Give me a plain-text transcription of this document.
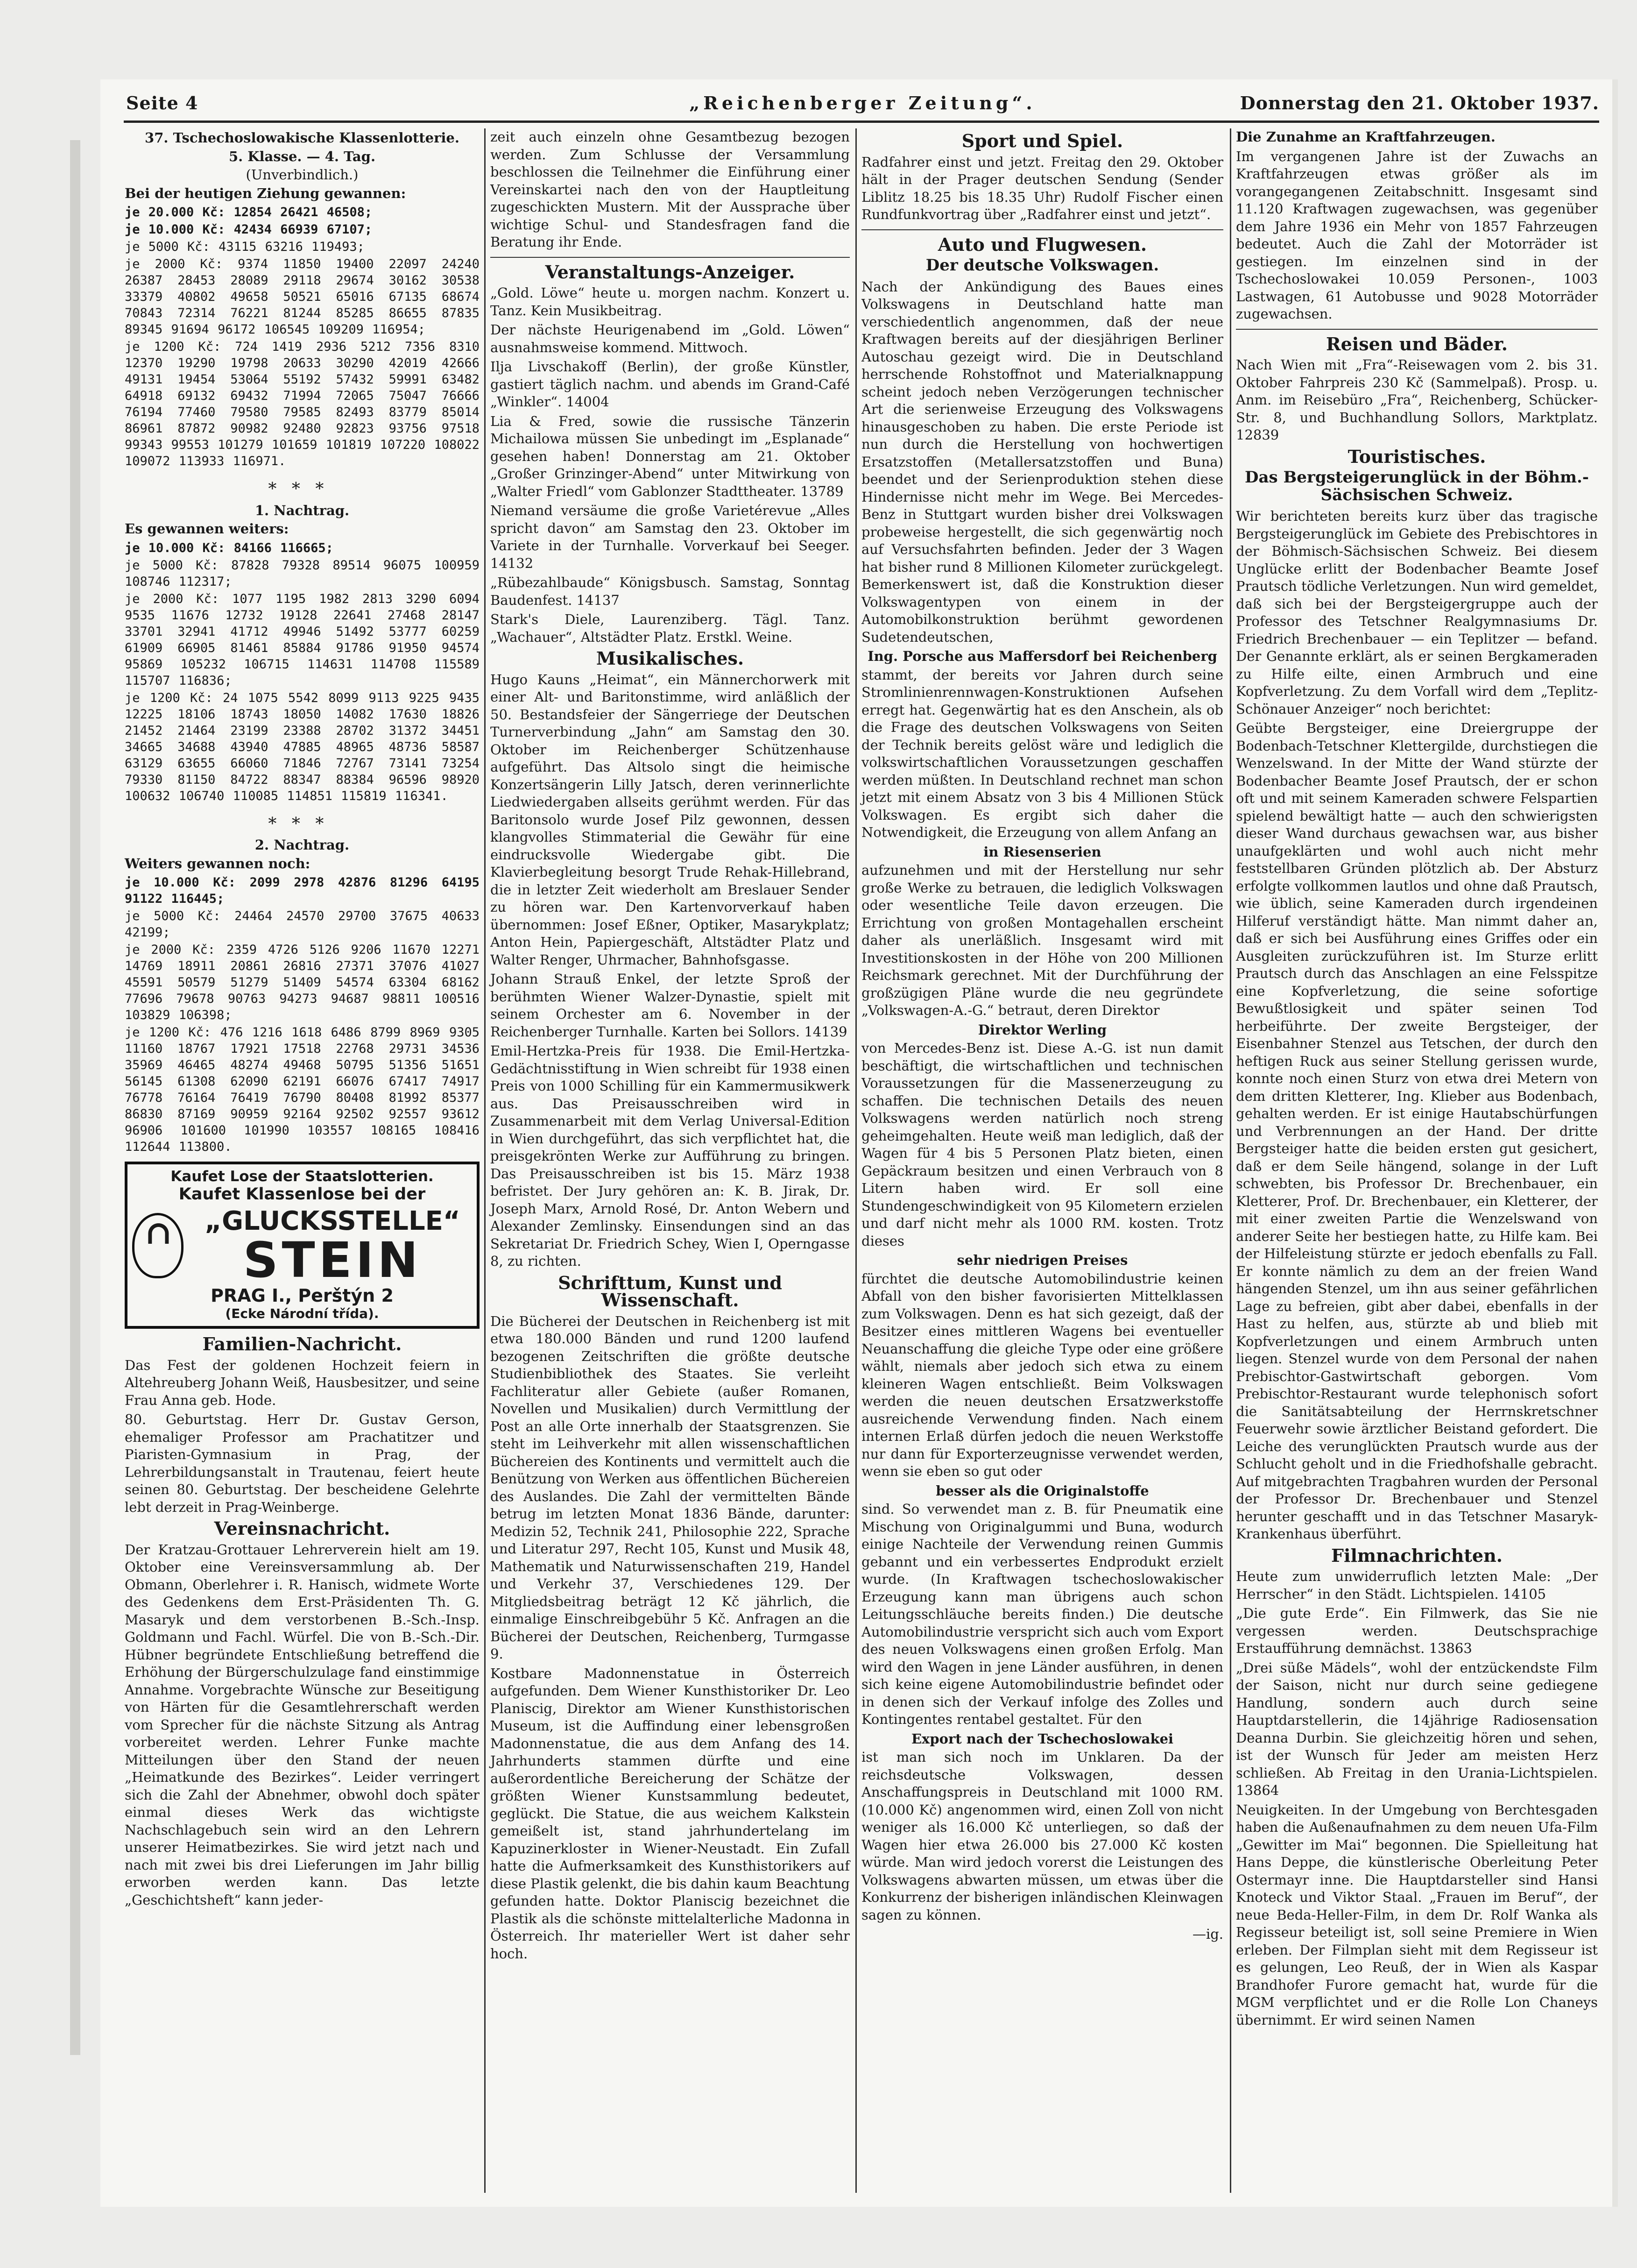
Seite 4	„Reichenberger Zeitung“.	Donnerstag den 21. Oktober 1937.

37. Tschechoslowakische Klassenlotterie.

5. Klasse. — 4. Tag.

(Unverbindlich.)

Bei der heutigen Ziehung gewannen:

je 20.000 Kč: 12854 26421 46508;

je 10.000 Kč: 42434 66939 67107;

je 5000 Kč: 43115 63216 119493;

je 2000 Kč: 9374 11850 19400 22097 24240 26387 28453 28089 29118 29674 30162 30538 33379 40802 49658 50521 65016 67135 68674 70843 72314 76221 81244 85285 86655 87835 89345 91694 96172 106545 109209 116954;

je 1200 Kč: 724 1419 2936 5212 7356 8310 12370 19290 19798 20633 30290 42019 42666 49131 19454 53064 55192 57432 59991 63482 64918 69132 69432 71994 72065 75047 76666 76194 77460 79580 79585 82493 83779 85014 86961 87872 90982 92480 92823 93756 97518 99343 99553 101279 101659 101819 107220 108022 109072 113933 116971.

∗∗∗

1. Nachtrag.

Es gewannen weiters:

je 10.000 Kč: 84166 116665;

je 5000 Kč: 87828 79328 89514 96075 100959 108746 112317;

je 2000 Kč: 1077 1195 1982 2813 3290 6094 9535 11676 12732 19128 22641 27468 28147 33701 32941 41712 49946 51492 53777 60259 61909 66905 81461 85884 91786 91950 94574 95869 105232 106715 114631 114708 115589 115707 116836;

je 1200 Kč: 24 1075 5542 8099 9113 9225 9435 12225 18106 18743 18050 14082 17630 18826 21452 21464 23199 23388 28702 31372 34451 34665 34688 43940 47885 48965 48736 58587 63129 63655 66060 71846 72767 73141 73254 79330 81150 84722 88347 88384 96596 98920 100632 106740 110085 114851 115819 116341.

∗∗∗

2. Nachtrag.

Weiters gewannen noch:

je 10.000 Kč: 2099 2978 42876 81296 64195 91122 116445;

je 5000 Kč: 24464 24570 29700 37675 40633 42199;

je 2000 Kč: 2359 4726 5126 9206 11670 12271 14769 18911 20861 26816 27371 37076 41027 45591 50579 51279 51409 54574 63304 68162 77696 79678 90763 94273 94687 98811 100516 103829 106398;

je 1200 Kč: 476 1216 1618 6486 8799 8969 9305 11160 18767 17921 17518 22768 29731 34536 35969 46465 48274 49468 50795 51356 51651 56145 61308 62090 62191 66076 67417 74917 76778 76164 76419 76790 80408 81992 85377 86830 87169 90959 92164 92502 92557 93612 96906 101600 101990 103557 108165 108416 112644 113800.

Kaufet Lose der Staatslotterien.
Kaufet Klassenlose bei der
∩
„GLUCKSSTELLE“
STEIN
PRAG I., Perštýn 2
(Ecke Národní třída).
Familien-Nachricht.

Das Fest der goldenen Hochzeit feiern in Altehreuberg Johann Weiß, Hausbesitzer, und seine Frau Anna geb. Hode.

80. Geburtstag. Herr Dr. Gustav Gerson, ehemaliger Professor am Prachatitzer und Piaristen-Gymnasium in Prag, der Lehrerbildungsanstalt in Trautenau, feiert heute seinen 80. Geburtstag. Der bescheidene Gelehrte lebt derzeit in Prag-Weinberge.

Vereinsnachricht.

Der Kratzau-Grottauer Lehrerverein hielt am 19. Oktober eine Vereinsversammlung ab. Der Obmann, Oberlehrer i. R. Hanisch, widmete Worte des Gedenkens dem Erst-Präsidenten Th. G. Masaryk und dem verstorbenen B.-Sch.-Insp. Goldmann und Fachl. Würfel. Die von B.-Sch.-Dir. Hübner begründete Entschließung betreffend die Erhöhung der Bürgerschulzulage fand einstimmige Annahme. Vorgebrachte Wünsche zur Beseitigung von Härten für die Gesamtlehrerschaft werden vom Sprecher für die nächste Sitzung als Antrag vorbereitet werden. Lehrer Funke machte Mitteilungen über den Stand der neuen „Heimatkunde des Bezirkes“. Leider verringert sich die Zahl der Abnehmer, obwohl doch später einmal dieses Werk das wichtigste Nachschlagebuch sein wird an den Lehrern unserer Heimatbezirkes. Sie wird jetzt nach und nach mit zwei bis drei Lieferungen im Jahr billig erworben werden kann. Das letzte „Geschichtsheft“ kann jeder-

zeit auch einzeln ohne Gesamtbezug bezogen werden. Zum Schlusse der Versammlung beschlossen die Teilnehmer die Einführung einer Vereinskartei nach den von der Hauptleitung zugeschickten Mustern. Mit der Aussprache über wichtige Schul- und Standesfragen fand die Beratung ihr Ende.

Veranstaltungs-Anzeiger.

„Gold. Löwe“ heute u. morgen nachm. Konzert u. Tanz. Kein Musikbeitrag.

Der nächste Heurigenabend im „Gold. Löwen“ ausnahmsweise kommend. Mittwoch.

Ilja Livschakoff (Berlin), der große Künstler, gastiert täglich nachm. und abends im Grand-Café „Winkler“. 14004

Lia & Fred, sowie die russische Tänzerin Michailowa müssen Sie unbedingt im „Esplanade“ gesehen haben! Donnerstag am 21. Oktober „Großer Grinzinger-Abend“ unter Mitwirkung von „Walter Friedl“ vom Gablonzer Stadttheater. 13789

Niemand versäume die große Varietérevue „Alles spricht davon“ am Samstag den 23. Oktober im Variete in der Turnhalle. Vorverkauf bei Seeger. 14132

„Rübezahlbaude“ Königsbusch. Samstag, Sonntag Baudenfest. 14137

Stark's Diele, Laurenziberg. Tägl. Tanz. „Wachauer“, Altstädter Platz. Erstkl. Weine.

Musikalisches.

Hugo Kauns „Heimat“, ein Männerchorwerk mit einer Alt- und Baritonstimme, wird anläßlich der 50. Bestandsfeier der Sängerriege der Deutschen Turnerverbindung „Jahn“ am Samstag den 30. Oktober im Reichenberger Schützenhause aufgeführt. Das Altsolo singt die heimische Konzertsängerin Lilly Jatsch, deren verinnerlichte Liedwiedergaben allseits gerühmt werden. Für das Baritonsolo wurde Josef Pilz gewonnen, dessen klangvolles Stimmaterial die Gewähr für eine eindrucksvolle Wiedergabe gibt. Die Klavierbegleitung besorgt Trude Rehak-Hillebrand, die in letzter Zeit wiederholt am Breslauer Sender zu hören war. Den Kartenvorverkauf haben übernommen: Josef Eßner, Optiker, Masarykplatz; Anton Hein, Papiergeschäft, Altstädter Platz und Walter Renger, Uhrmacher, Bahnhofsgasse.

Johann Strauß Enkel, der letzte Sproß der berühmten Wiener Walzer-Dynastie, spielt mit seinem Orchester am 6. November in der Reichenberger Turnhalle. Karten bei Sollors. 14139

Emil-Hertzka-Preis für 1938. Die Emil-Hertzka-Gedächtnisstiftung in Wien schreibt für 1938 einen Preis von 1000 Schilling für ein Kammermusikwerk aus. Das Preisausschreiben wird in Zusammenarbeit mit dem Verlag Universal-Edition in Wien durchgeführt, das sich verpflichtet hat, die preisgekrönten Werke zur Aufführung zu bringen. Das Preisausschreiben ist bis 15. März 1938 befristet. Der Jury gehören an: K. B. Jirak, Dr. Joseph Marx, Arnold Rosé, Dr. Anton Webern und Alexander Zemlinsky. Einsendungen sind an das Sekretariat Dr. Friedrich Schey, Wien I, Operngasse 8, zu richten.

Schrifttum, Kunst und Wissenschaft.

Die Bücherei der Deutschen in Reichenberg ist mit etwa 180.000 Bänden und rund 1200 laufend bezogenen Zeitschriften die größte deutsche Studienbibliothek des Staates. Sie verleiht Fachliteratur aller Gebiete (außer Romanen, Novellen und Musikalien) durch Vermittlung der Post an alle Orte innerhalb der Staatsgrenzen. Sie steht im Leihverkehr mit allen wissenschaftlichen Büchereien des Kontinents und vermittelt auch die Benützung von Werken aus öffentlichen Büchereien des Auslandes. Die Zahl der vermittelten Bände betrug im letzten Monat 1836 Bände, darunter: Medizin 52, Technik 241, Philosophie 222, Sprache und Literatur 297, Recht 105, Kunst und Musik 48, Mathematik und Naturwissenschaften 219, Handel und Verkehr 37, Verschiedenes 129. Der Mitgliedsbeitrag beträgt 12 Kč jährlich, die einmalige Einschreibgebühr 5 Kč. Anfragen an die Bücherei der Deutschen, Reichenberg, Turmgasse 9.

Kostbare Madonnenstatue in Österreich aufgefunden. Dem Wiener Kunsthistoriker Dr. Leo Planiscig, Direktor am Wiener Kunsthistorischen Museum, ist die Auffindung einer lebensgroßen Madonnenstatue, die aus dem Anfang des 14. Jahrhunderts stammen dürfte und eine außerordentliche Bereicherung der Schätze der größten Wiener Kunstsammlung bedeutet, geglückt. Die Statue, die aus weichem Kalkstein gemeißelt ist, stand jahrhundertelang im Kapuzinerkloster in Wiener-Neustadt. Ein Zufall hatte die Aufmerksamkeit des Kunsthistorikers auf diese Plastik gelenkt, die bis dahin kaum Beachtung gefunden hatte. Doktor Planiscig bezeichnet die Plastik als die schönste mittelalterliche Madonna in Österreich. Ihr materieller Wert ist daher sehr hoch.

Sport und Spiel.

Radfahrer einst und jetzt. Freitag den 29. Oktober hält in der Prager deutschen Sendung (Sender Liblitz 18.25 bis 18.35 Uhr) Rudolf Fischer einen Rundfunkvortrag über „Radfahrer einst und jetzt“.

Auto und Flugwesen.
Der deutsche Volkswagen.

Nach der Ankündigung des Baues eines Volkswagens in Deutschland hatte man verschiedentlich angenommen, daß der neue Kraftwagen bereits auf der diesjährigen Berliner Autoschau gezeigt wird. Die in Deutschland herrschende Rohstoffnot und Materialknappung scheint jedoch neben Verzögerungen technischer Art die serienweise Erzeugung des Volkswagens hinausgeschoben zu haben. Die erste Periode ist nun durch die Herstellung von hochwertigen Ersatzstoffen (Metallersatzstoffen und Buna) beendet und der Serienproduktion stehen diese Hindernisse nicht mehr im Wege. Bei Mercedes-Benz in Stuttgart wurden bisher drei Volkswagen probeweise hergestellt, die sich gegenwärtig noch auf Versuchsfahrten befinden. Jeder der 3 Wagen hat bisher rund 8 Millionen Kilometer zurückgelegt. Bemerkenswert ist, daß die Konstruktion dieser Volkswagentypen von einem in der Automobilkonstruktion berühmt gewordenen Sudetendeutschen,

Ing. Porsche aus Maffersdorf bei Reichenberg

stammt, der bereits vor Jahren durch seine Stromlinienrennwagen-Konstruktionen Aufsehen erregt hat. Gegenwärtig hat es den Anschein, als ob die Frage des deutschen Volkswagens von Seiten der Technik bereits gelöst wäre und lediglich die volkswirtschaftlichen Voraussetzungen geschaffen werden müßten. In Deutschland rechnet man schon jetzt mit einem Absatz von 3 bis 4 Millionen Stück Volkswagen. Es ergibt sich daher die Notwendigkeit, die Erzeugung von allem Anfang an

in Riesenserien

aufzunehmen und mit der Herstellung nur sehr große Werke zu betrauen, die lediglich Volkswagen oder wesentliche Teile davon erzeugen. Die Errichtung von großen Montagehallen erscheint daher als unerläßlich. Insgesamt wird mit Investitionskosten in der Höhe von 200 Millionen Reichsmark gerechnet. Mit der Durchführung der großzügigen Pläne wurde die neu gegründete „Volkswagen-A.-G.“ betraut, deren Direktor

Direktor Werling

von Mercedes-Benz ist. Diese A.-G. ist nun damit beschäftigt, die wirtschaftlichen und technischen Voraussetzungen für die Massenerzeugung zu schaffen. Die technischen Details des neuen Volkswagens werden natürlich noch streng geheimgehalten. Heute weiß man lediglich, daß der Wagen für 4 bis 5 Personen Platz bieten, einen Gepäckraum besitzen und einen Verbrauch von 8 Litern haben wird. Er soll eine Stundengeschwindigkeit von 95 Kilometern erzielen und darf nicht mehr als 1000 RM. kosten. Trotz dieses

sehr niedrigen Preises

fürchtet die deutsche Automobilindustrie keinen Abfall von den bisher favorisierten Mittelklassen zum Volkswagen. Denn es hat sich gezeigt, daß der Besitzer eines mittleren Wagens bei eventueller Neuanschaffung die gleiche Type oder eine größere wählt, niemals aber jedoch sich etwa zu einem kleineren Wagen entschließt. Beim Volkswagen werden die neuen deutschen Ersatzwerkstoffe ausreichende Verwendung finden. Nach einem internen Erlaß dürfen jedoch die neuen Werkstoffe nur dann für Exporterzeugnisse verwendet werden, wenn sie eben so gut oder

besser als die Originalstoffe

sind. So verwendet man z. B. für Pneumatik eine Mischung von Originalgummi und Buna, wodurch einige Nachteile der Verwendung reinen Gummis gebannt und ein verbessertes Endprodukt erzielt wurde. (In Kraftwagen tschechoslowakischer Erzeugung kann man übrigens auch schon Leitungsschläuche bereits finden.) Die deutsche Automobilindustrie verspricht sich auch vom Export des neuen Volkswagens einen großen Erfolg. Man wird den Wagen in jene Länder ausführen, in denen sich keine eigene Automobilindustrie befindet oder in denen sich der Verkauf infolge des Zolles und Kontingentes rentabel gestaltet. Für den

Export nach der Tschechoslowakei

ist man sich noch im Unklaren. Da der reichsdeutsche Volkswagen, dessen Anschaffungspreis in Deutschland mit 1000 RM. (10.000 Kč) angenommen wird, einen Zoll von nicht weniger als 16.000 Kč unterliegen, so daß der Wagen hier etwa 26.000 bis 27.000 Kč kosten würde. Man wird jedoch vorerst die Leistungen des Volkswagens abwarten müssen, um etwas über die Konkurrenz der bisherigen inländischen Kleinwagen sagen zu können.

—ig.

Die Zunahme an Kraftfahrzeugen.

Im vergangenen Jahre ist der Zuwachs an Kraftfahrzeugen etwas größer als im vorangegangenen Zeitabschnitt. Insgesamt sind 11.120 Kraftwagen zugewachsen, was gegenüber dem Jahre 1936 ein Mehr von 1857 Fahrzeugen bedeutet. Auch die Zahl der Motorräder ist gestiegen. Im einzelnen sind in der Tschechoslowakei 10.059 Personen-, 1003 Lastwagen, 61 Autobusse und 9028 Motorräder zugewachsen.

Reisen und Bäder.

Nach Wien mit „Fra“-Reisewagen vom 2. bis 31. Oktober Fahrpreis 230 Kč (Sammelpaß). Prosp. u. Anm. im Reisebüro „Fra“, Reichenberg, Schücker-Str. 8, und Buchhandlung Sollors, Marktplatz. 12839

Touristisches.
Das Bergsteigerunglück in der Böhm.-Sächsischen Schweiz.

Wir berichteten bereits kurz über das tragische Bergsteigerunglück im Gebiete des Prebischtores in der Böhmisch-Sächsischen Schweiz. Bei diesem Unglücke erlitt der Bodenbacher Beamte Josef Prautsch tödliche Verletzungen. Nun wird gemeldet, daß sich bei der Bergsteigergruppe auch der Professor des Tetschner Realgymnasiums Dr. Friedrich Brechenbauer — ein Teplitzer — befand. Der Genannte erklärt, als er seinen Bergkameraden zu Hilfe eilte, einen Armbruch und eine Kopfverletzung. Zu dem Vorfall wird dem „Teplitz-Schönauer Anzeiger“ noch berichtet:

Geübte Bergsteiger, eine Dreiergruppe der Bodenbach-Tetschner Klettergilde, durchstiegen die Wenzelswand. In der Mitte der Wand stürzte der Bodenbacher Beamte Josef Prautsch, der er schon oft und mit seinem Kameraden schwere Felspartien spielend bewältigt hatte — auch den schwierigsten dieser Wand durchaus gewachsen war, aus bisher unaufgeklärten und wohl auch nicht mehr feststellbaren Gründen plötzlich ab. Der Absturz erfolgte vollkommen lautlos und ohne daß Prautsch, wie üblich, seine Kameraden durch irgendeinen Hilferuf verständigt hätte. Man nimmt daher an, daß er sich bei Ausführung eines Griffes oder ein Ausgleiten zurückzuführen ist. Im Sturze erlitt Prautsch durch das Anschlagen an eine Felsspitze eine Kopfverletzung, die seine sofortige Bewußtlosigkeit und später seinen Tod herbeiführte. Der zweite Bergsteiger, der Eisenbahner Stenzel aus Tetschen, der durch den heftigen Ruck aus seiner Stellung gerissen wurde, konnte noch einen Sturz von etwa drei Metern von dem dritten Kletterer, Ing. Klieber aus Bodenbach, gehalten werden. Er ist einige Hautabschürfungen und Verbrennungen an der Hand. Der dritte Bergsteiger hatte die beiden ersten gut gesichert, daß er dem Seile hängend, solange in der Luft schwebten, bis Professor Dr. Brechenbauer, ein Kletterer, Prof. Dr. Brechenbauer, ein Kletterer, der mit einer zweiten Partie die Wenzelswand von anderer Seite her bestiegen hatte, zu Hilfe kam. Bei der Hilfeleistung stürzte er jedoch ebenfalls zu Fall. Er konnte nämlich zu dem an der freien Wand hängenden Stenzel, um ihn aus seiner gefährlichen Lage zu befreien, gibt aber dabei, ebenfalls in der Hast zu helfen, aus, stürzte ab und blieb mit Kopfverletzungen und einem Armbruch unten liegen. Stenzel wurde von dem Personal der nahen Prebischtor-Gastwirtschaft geborgen. Vom Prebischtor-Restaurant wurde telephonisch sofort die Sanitätsabteilung der Herrnskretschner Feuerwehr sowie ärztlicher Beistand gefordert. Die Leiche des verunglückten Prautsch wurde aus der Schlucht geholt und in die Friedhofshalle gebracht. Auf mitgebrachten Tragbahren wurden der Personal der Professor Dr. Brechenbauer und Stenzel herunter geschafft und in das Tetschner Masaryk-Krankenhaus überführt.

Filmnachrichten.

Heute zum unwiderruflich letzten Male: „Der Herrscher“ in den Städt. Lichtspielen. 14105

„Die gute Erde“. Ein Filmwerk, das Sie nie vergessen werden. Deutschsprachige Erstaufführung demnächst. 13863

„Drei süße Mädels“, wohl der entzückendste Film der Saison, nicht nur durch seine gediegene Handlung, sondern auch durch seine Hauptdarstellerin, die 14jährige Radiosensation Deanna Durbin. Sie gleichzeitig hören und sehen, ist der Wunsch für Jeder am meisten Herz schließen. Ab Freitag in den Urania-Lichtspielen. 13864

Neuigkeiten. In der Umgebung von Berchtesgaden haben die Außenaufnahmen zu dem neuen Ufa-Film „Gewitter im Mai“ begonnen. Die Spielleitung hat Hans Deppe, die künstlerische Oberleitung Peter Ostermayr inne. Die Hauptdarsteller sind Hansi Knoteck und Viktor Staal. „Frauen im Beruf“, der neue Beda-Heller-Film, in dem Dr. Rolf Wanka als Regisseur beteiligt ist, soll seine Premiere in Wien erleben. Der Filmplan sieht mit dem Regisseur ist es gelungen, Leo Reuß, der in Wien als Kaspar Brandhofer Furore gemacht hat, wurde für die MGM verpflichtet und er die Rolle Lon Chaneys übernimmt. Er wird seinen Namen
